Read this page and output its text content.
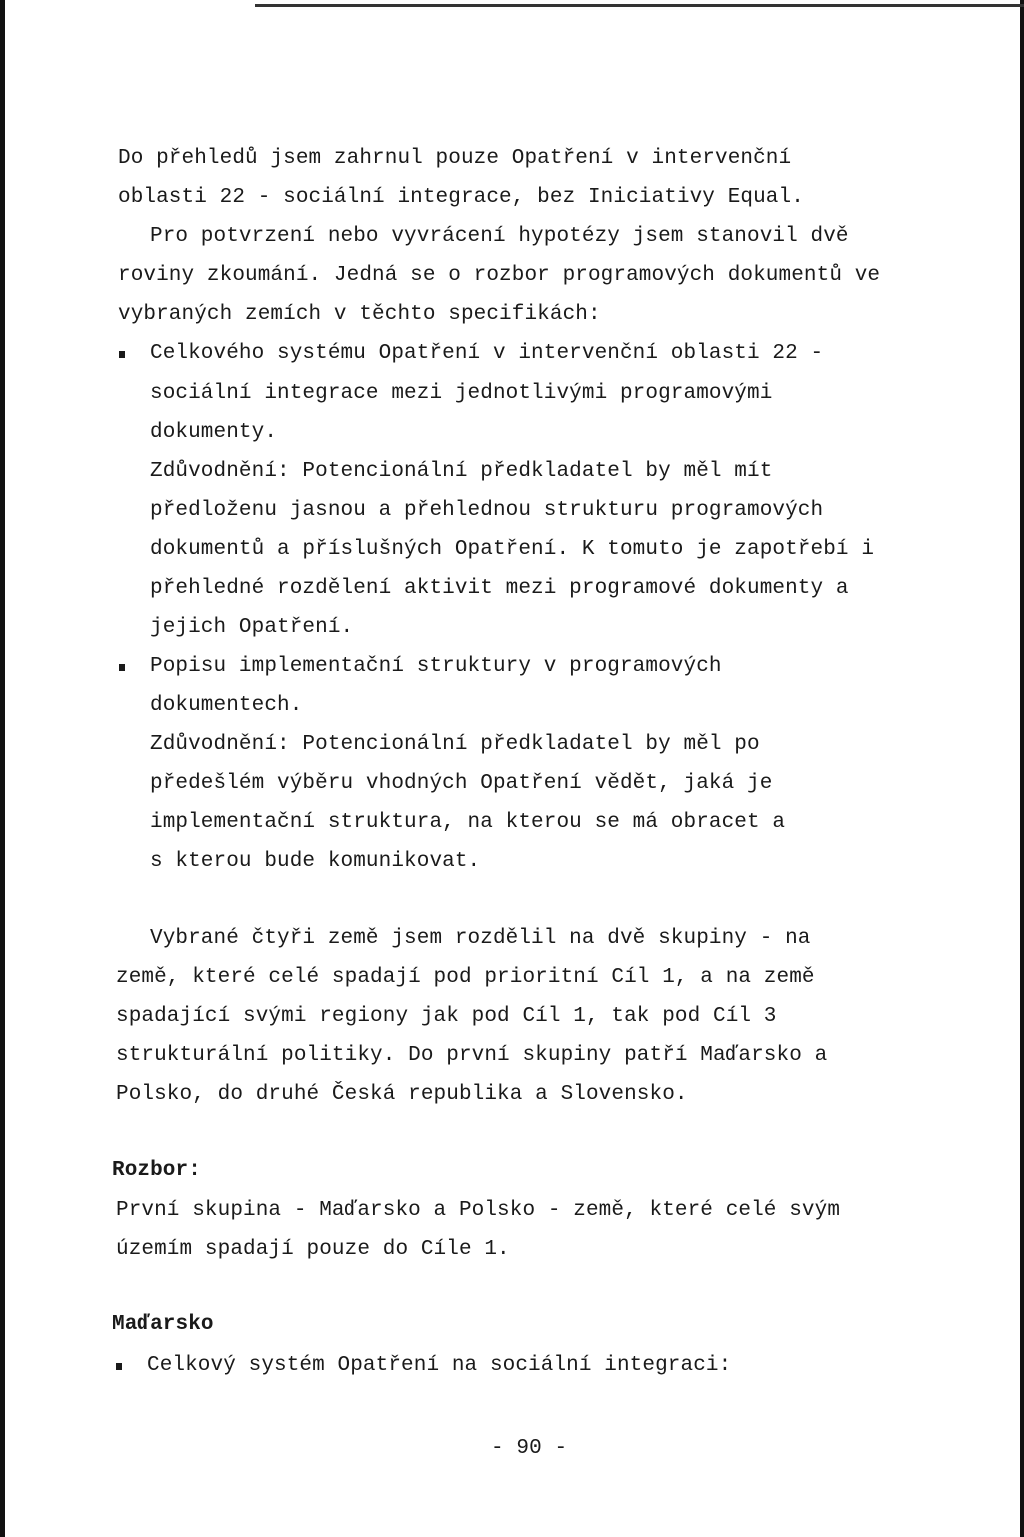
Do přehledů jsem zahrnul pouze Opatření v intervenční
oblasti 22 - sociální integrace, bez Iniciativy Equal.
Pro potvrzení nebo vyvrácení hypotézy jsem stanovil dvě
roviny zkoumání. Jedná se o rozbor programových dokumentů ve
vybraných zemích v těchto specifikách:
Celkového systému Opatření v intervenční oblasti 22 -
sociální integrace mezi jednotlivými programovými
dokumenty.
Zdůvodnění: Potencionální předkladatel by měl mít
předloženu jasnou a přehlednou strukturu programových
dokumentů a příslušných Opatření. K tomuto je zapotřebí i
přehledné rozdělení aktivit mezi programové dokumenty a
jejich Opatření.
Popisu implementační struktury v programových
dokumentech.
Zdůvodnění: Potencionální předkladatel by měl po
předešlém výběru vhodných Opatření vědět, jaká je
implementační struktura, na kterou se má obracet a
s kterou bude komunikovat.
Vybrané čtyři země jsem rozdělil na dvě skupiny - na
země, které celé spadají pod prioritní Cíl 1, a na země
spadající svými regiony jak pod Cíl 1, tak pod Cíl 3
strukturální politiky. Do první skupiny patří Maďarsko a
Polsko, do druhé Česká republika a Slovensko.
Rozbor:
První skupina - Maďarsko a Polsko - země, které celé svým
územím spadají pouze do Cíle 1.
Maďarsko
Celkový systém Opatření na sociální integraci:
- 90 -
